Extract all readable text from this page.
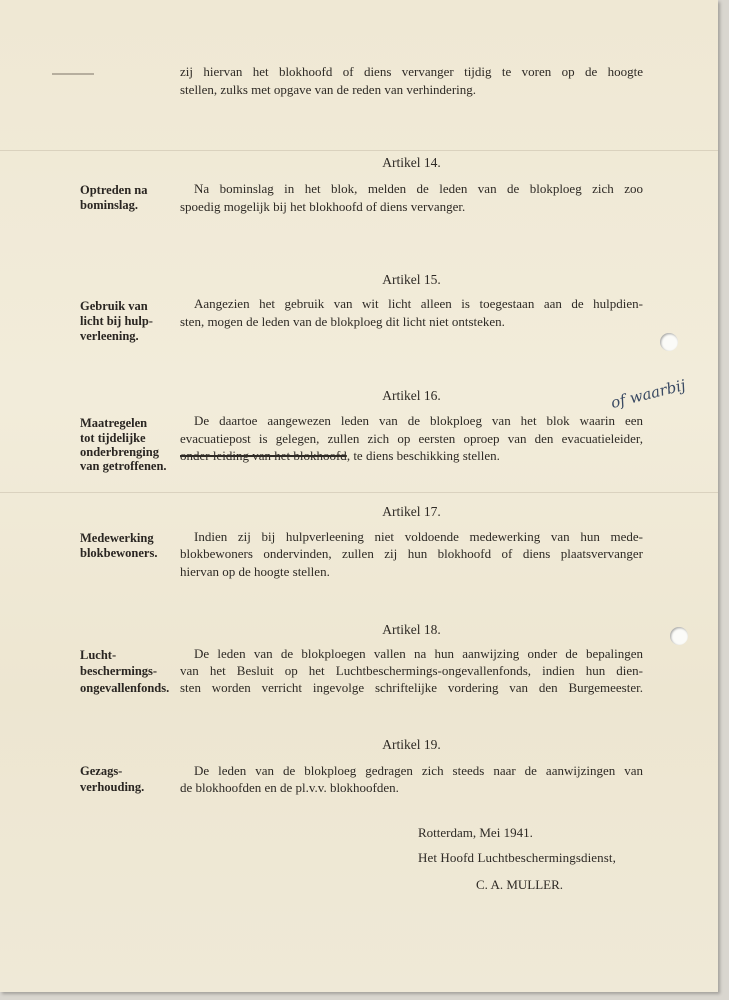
zij hiervan het blokhoofd of diens vervanger tijdig te voren op de hoogte
stellen, zulks met opgave van de reden van verhindering.
Artikel 14.
Optreden na
bominslag.
Na bominslag in het blok, melden de leden van de blokploeg zich zoo
spoedig mogelijk bij het blokhoofd of diens vervanger.
Artikel 15.
Gebruik van
licht bij hulp-
verleening.
Aangezien het gebruik van wit licht alleen is toegestaan aan de hulpdien-
sten, mogen de leden van de blokploeg dit licht niet ontsteken.
Artikel 16.	of waarbij
Maatregelen
tot tijdelijke
onderbrenging
van getroffenen.
De daartoe aangewezen leden van de blokploeg van het blok waarin een
evacuatiepost is gelegen, zullen zich op eersten oproep van den evacuatieleider,
onder leiding van het blokhoofd, te diens beschikking stellen.
Artikel 17.
Medewerking
blokbewoners.
Indien zij bij hulpverleening niet voldoende medewerking van hun mede-
blokbewoners ondervinden, zullen zij hun blokhoofd of diens plaatsvervanger
hiervan op de hoogte stellen.
Artikel 18.
Lucht-
beschermings-
ongevallenfonds.
De leden van de blokploegen vallen na hun aanwijzing onder de bepalingen
van het Besluit op het Luchtbeschermings-ongevallenfonds, indien hun dien-
sten worden verricht ingevolge schriftelijke vordering van den Burgemeester.
Artikel 19.
Gezags-
verhouding.
De leden van de blokploeg gedragen zich steeds naar de aanwijzingen van
de blokhoofden en de pl.v.v. blokhoofden.
Rotterdam, Mei 1941.
Het Hoofd Luchtbeschermingsdienst,
C. A. MULLER.
